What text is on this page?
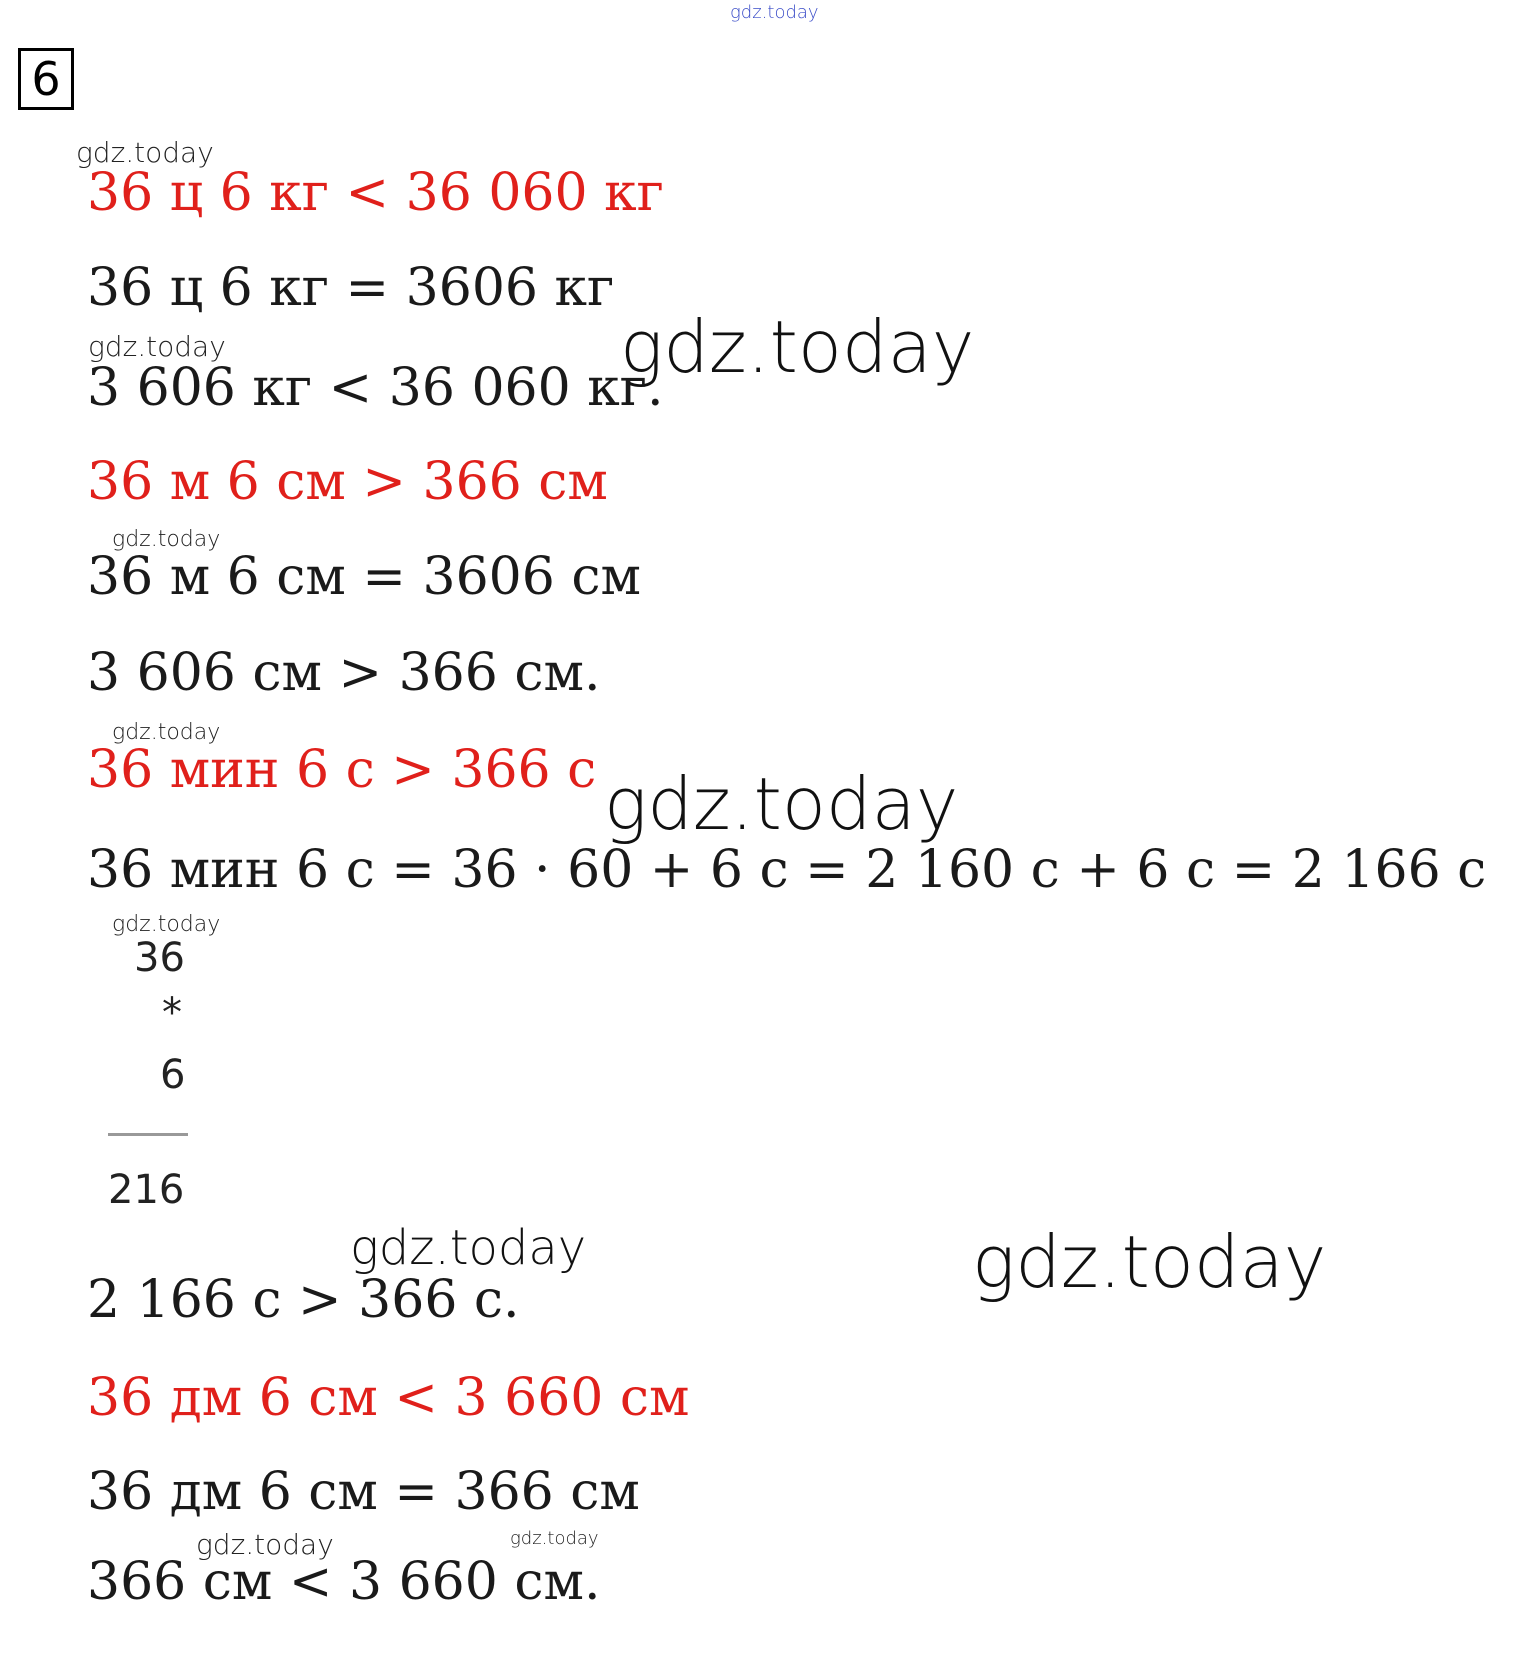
gdz.today
6
gdz.today
36 ц 6 кг < 36 060 кг
36 ц 6 кг = 3606 кг
gdz.today	gdz.today
3 606 кг < 36 060 кг.
36 м 6 см > 366 см
gdz.today
36 м 6 см = 3606 см
3 606 см > 366 см.
gdz.today
36 мин 6 с > 366 с gdz.today
36 мин 6 с = 36 · 60 + 6 с = 2 160 с + 6 с = 2 166 с
gdz.today
36
*
6
216
gdz.today	gdz.today
2 166 с > 366 с.
36 дм 6 см < 3 660 см
36 дм 6 см = 366 см
gdz.today	gdz.today
366 см < 3 660 см.
